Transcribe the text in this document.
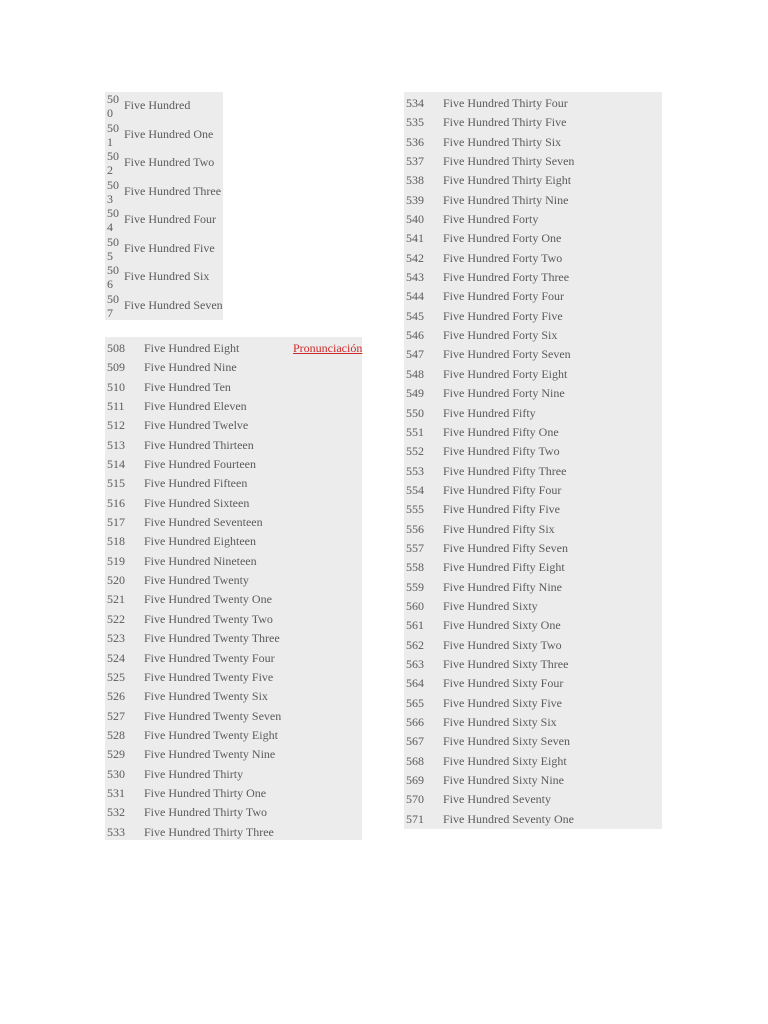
50
0
Five Hundred
50
1
Five Hundred One
50
2
Five Hundred Two
50
3
Five Hundred Three
50
4
Five Hundred Four
50
5
Five Hundred Five
50
6
Five Hundred Six
50
7
Five Hundred Seven
Pronunciación
508 Five Hundred Eight
509 Five Hundred Nine
510 Five Hundred Ten
511 Five Hundred Eleven
512 Five Hundred Twelve
513 Five Hundred Thirteen
514 Five Hundred Fourteen
515 Five Hundred Fifteen
516 Five Hundred Sixteen
517 Five Hundred Seventeen
518 Five Hundred Eighteen
519 Five Hundred Nineteen
520 Five Hundred Twenty
521 Five Hundred Twenty One
522 Five Hundred Twenty Two
523 Five Hundred Twenty Three
524 Five Hundred Twenty Four
525 Five Hundred Twenty Five
526 Five Hundred Twenty Six
527 Five Hundred Twenty Seven
528 Five Hundred Twenty Eight
529 Five Hundred Twenty Nine
530 Five Hundred Thirty
531 Five Hundred Thirty One
532 Five Hundred Thirty Two
533 Five Hundred Thirty Three
534 Five Hundred Thirty Four
535 Five Hundred Thirty Five
536 Five Hundred Thirty Six
537 Five Hundred Thirty Seven
538 Five Hundred Thirty Eight
539 Five Hundred Thirty Nine
540 Five Hundred Forty
541 Five Hundred Forty One
542 Five Hundred Forty Two
543 Five Hundred Forty Three
544 Five Hundred Forty Four
545 Five Hundred Forty Five
546 Five Hundred Forty Six
547 Five Hundred Forty Seven
548 Five Hundred Forty Eight
549 Five Hundred Forty Nine
550 Five Hundred Fifty
551 Five Hundred Fifty One
552 Five Hundred Fifty Two
553 Five Hundred Fifty Three
554 Five Hundred Fifty Four
555 Five Hundred Fifty Five
556 Five Hundred Fifty Six
557 Five Hundred Fifty Seven
558 Five Hundred Fifty Eight
559 Five Hundred Fifty Nine
560 Five Hundred Sixty
561 Five Hundred Sixty One
562 Five Hundred Sixty Two
563 Five Hundred Sixty Three
564 Five Hundred Sixty Four
565 Five Hundred Sixty Five
566 Five Hundred Sixty Six
567 Five Hundred Sixty Seven
568 Five Hundred Sixty Eight
569 Five Hundred Sixty Nine
570 Five Hundred Seventy
571 Five Hundred Seventy One
